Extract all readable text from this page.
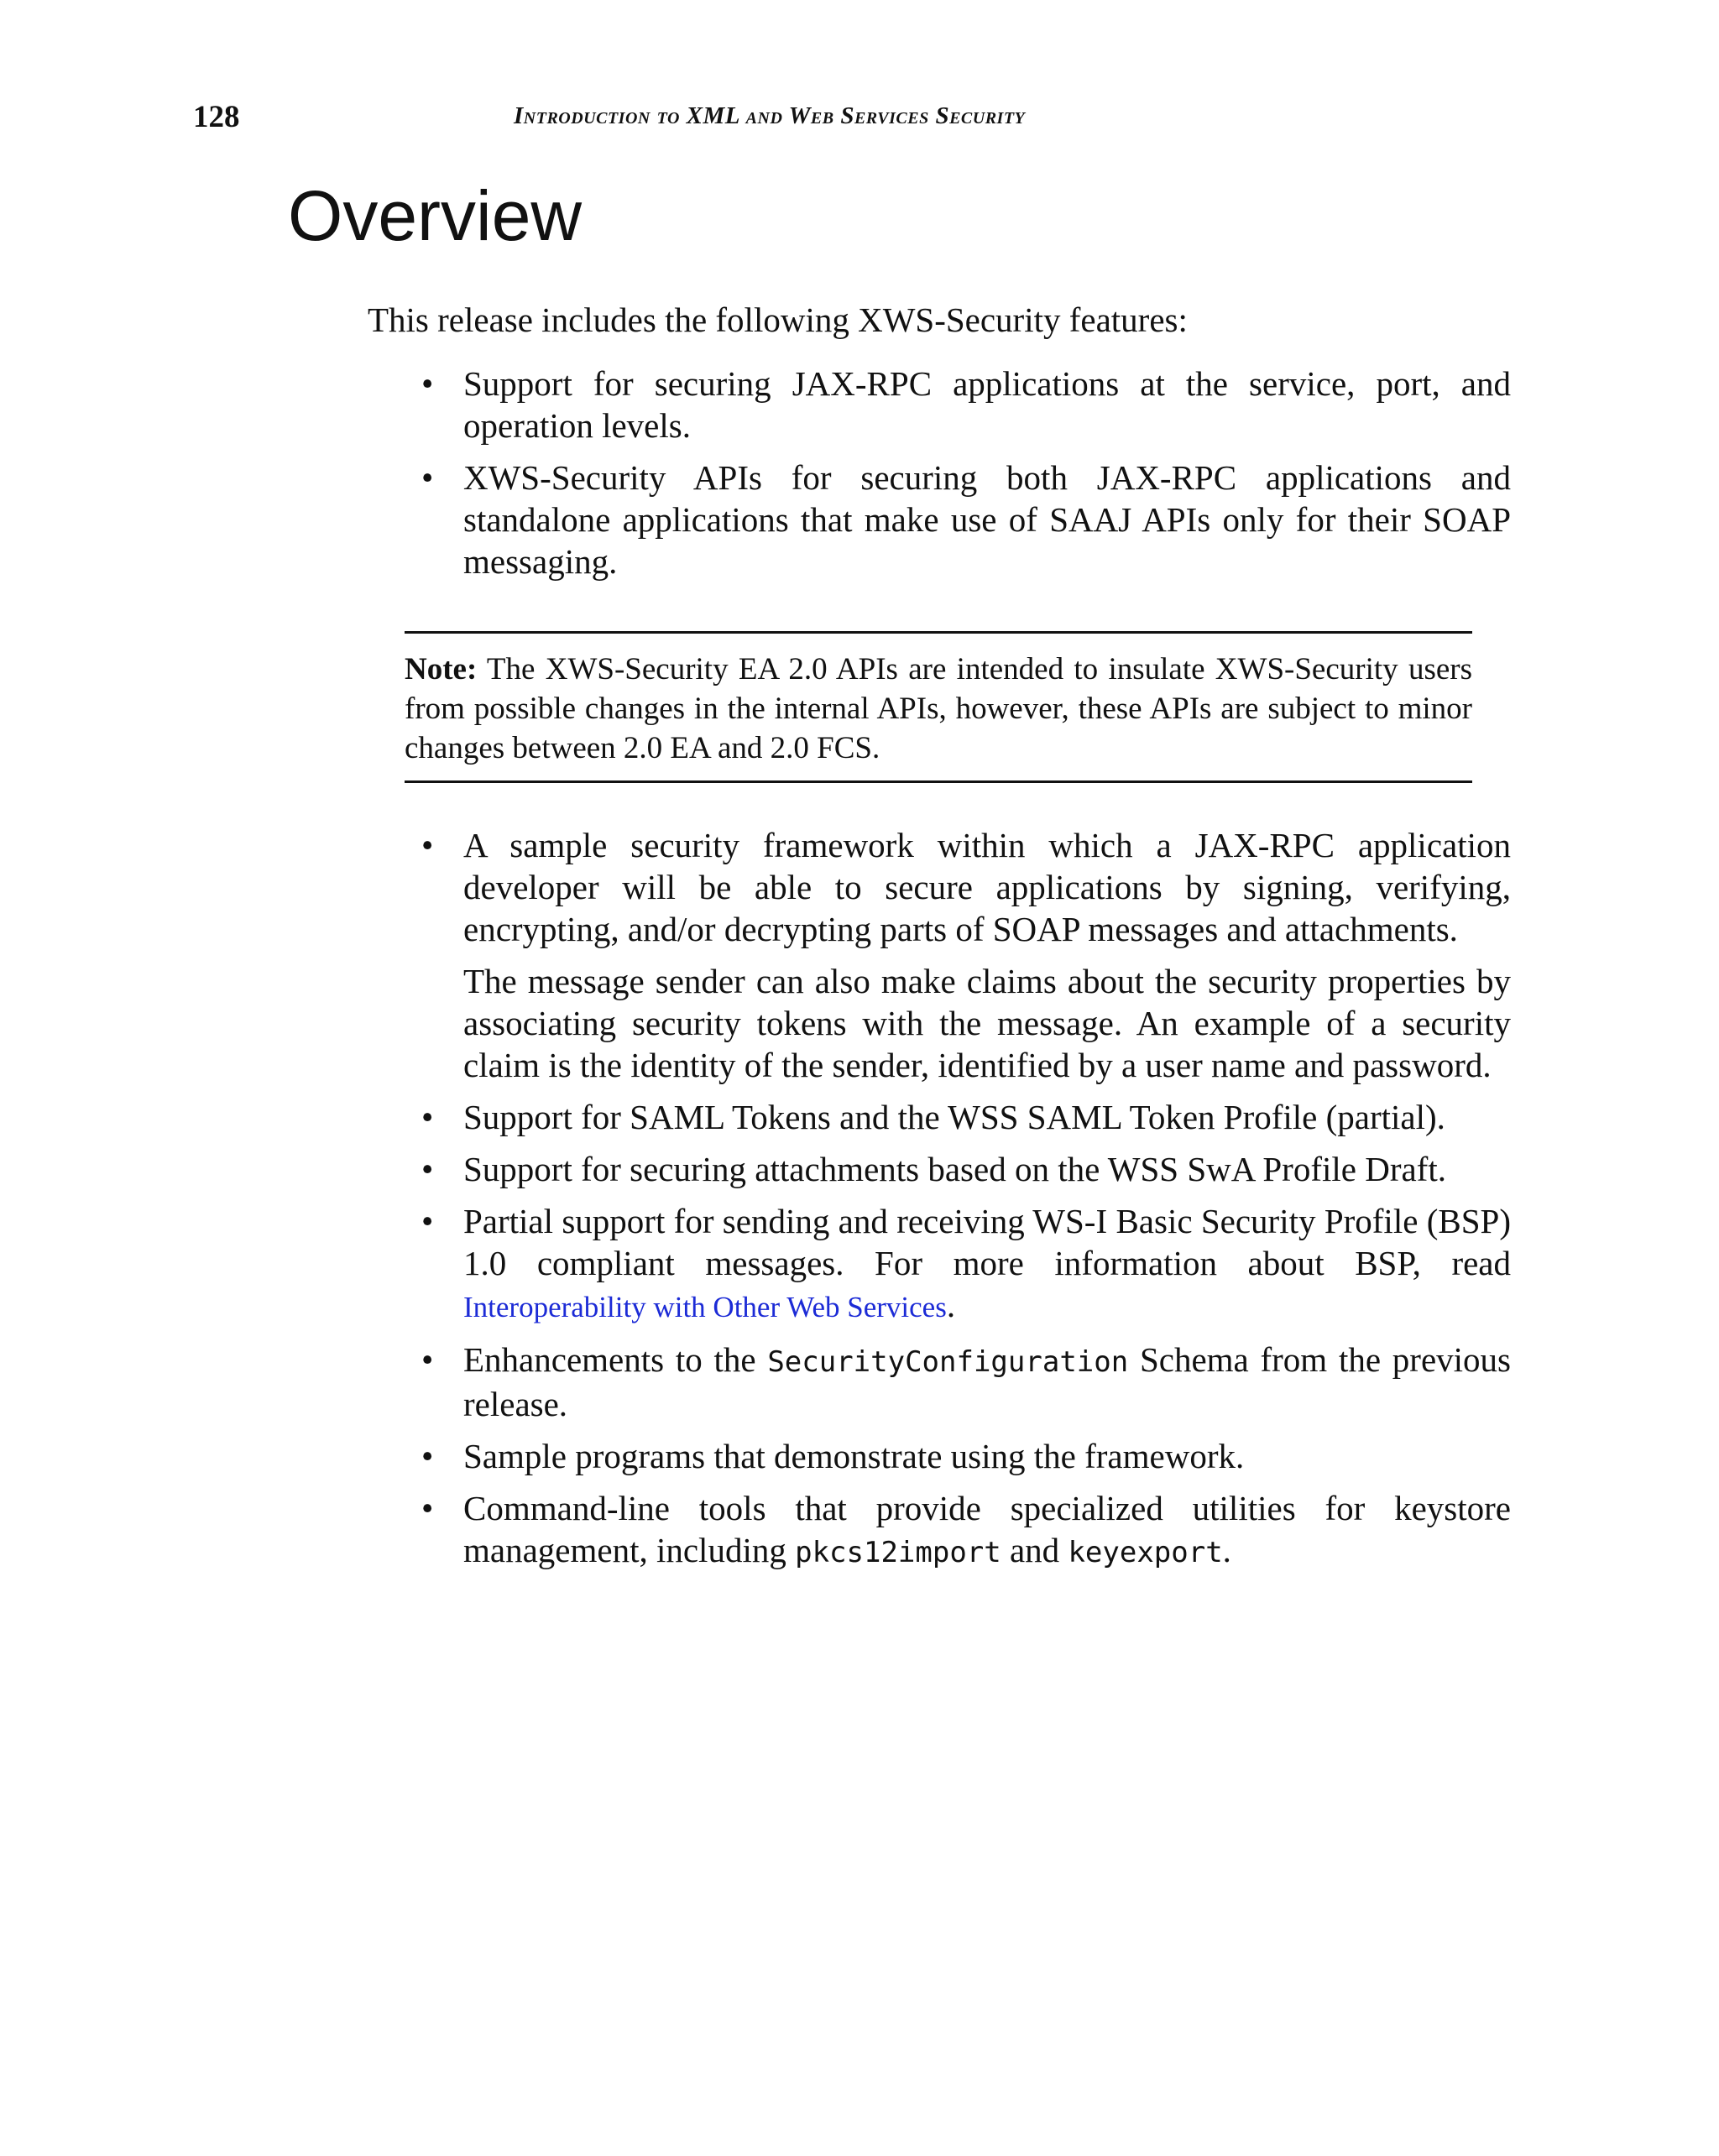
128	Introduction to XML and Web Services Security
Overview

This release includes the following XWS-Security features:

• Support for securing JAX-RPC applications at the service, port, and operation levels.

• XWS-Security APIs for securing both JAX-RPC applications and standalone applications that make use of SAAJ APIs only for their SOAP messaging.

Note: The XWS-Security EA 2.0 APIs are intended to insulate XWS-Security users from possible changes in the internal APIs, however, these APIs are subject to minor changes between 2.0 EA and 2.0 FCS.

• A sample security framework within which a JAX-RPC application developer will be able to secure applications by signing, verifying, encrypting, and/or decrypting parts of SOAP messages and attachments.

The message sender can also make claims about the security properties by associating security tokens with the message. An example of a security claim is the identity of the sender, identified by a user name and password.

• Support for SAML Tokens and the WSS SAML Token Profile (partial).

• Support for securing attachments based on the WSS SwA Profile Draft.

• Partial support for sending and receiving WS-I Basic Security Profile (BSP) 1.0 compliant messages. For more information about BSP, read Interoperability with Other Web Services.

• Enhancements to the SecurityConfiguration Schema from the previous release.

• Sample programs that demonstrate using the framework.

• Command-line tools that provide specialized utilities for keystore management, including pkcs12import and keyexport.
